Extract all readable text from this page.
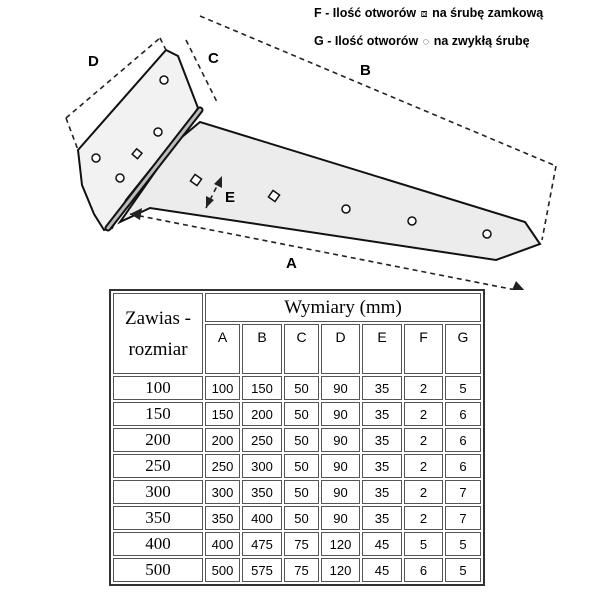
F - Ilość otworów ⧈ na śrubę zamkową
G - Ilość otworów ◌ na zwykłą śrubę
D	C
B
E
A
Zawias - rozmiar	Wymiary (mm)						
	A	B	C	D	E	F	G
100	100	150	50	90	35	2	5
150	150	200	50	90	35	2	6
200	200	250	50	90	35	2	6
250	250	300	50	90	35	2	6
300	300	350	50	90	35	2	7
350	350	400	50	90	35	2	7
400	400	475	75	120	45	5	5
500	500	575	75	120	45	6	5
